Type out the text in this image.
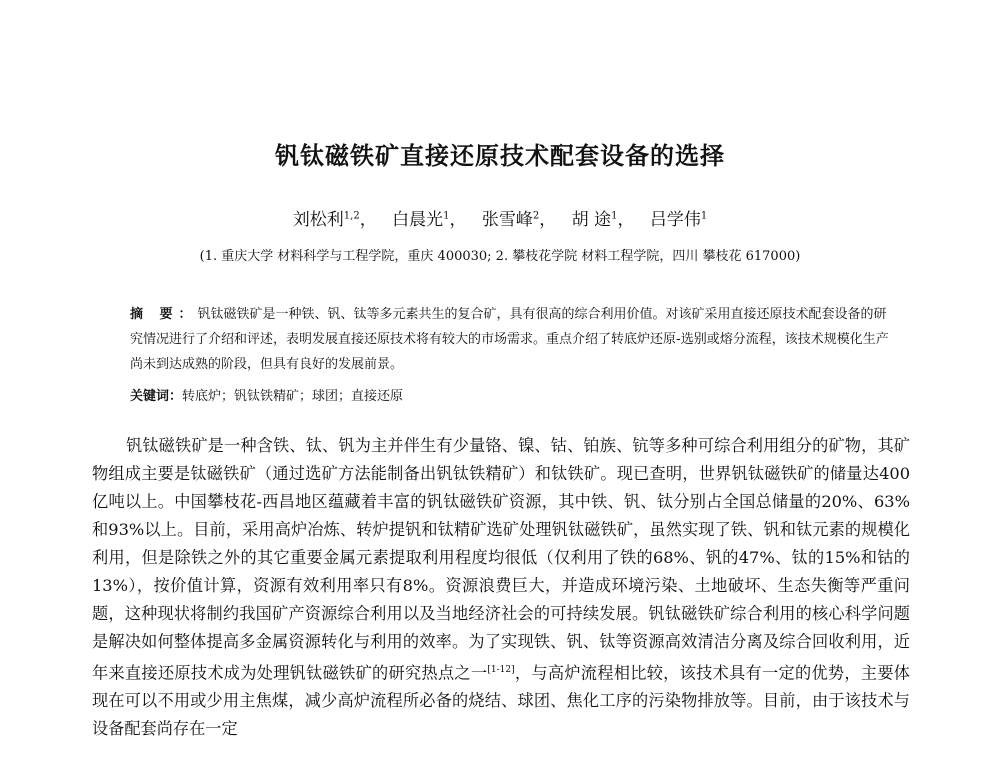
钒钛磁铁矿直接还原技术配套设备的选择
刘松利$^{1,2}$， 白晨光$^1$， 张雪峰$^2$， 胡 途$^1$， 吕学伟$^1$
(1. 重庆大学 材料科学与工程学院，重庆 400030; 2. 攀枝花学院 材料工程学院，四川 攀枝花 617000)
摘 要：钒钛磁铁矿是一种铁、钒、钛等多元素共生的复合矿，具有很高的综合利用价值。对该矿采用直接还原技术配套设备的研究情况进行了介绍和评述，表明发展直接还原技术将有较大的市场需求。重点介绍了转底炉还原-选别或熔分流程，该技术规模化生产尚未到达成熟的阶段，但具有良好的发展前景。
关键词：转底炉；钒钛铁精矿；球团；直接还原

钒钛磁铁矿是一种含铁、钛、钒为主并伴生有少量铬、镍、钴、铂族、钪等多种可综合利用组分的矿物，其矿物组成主要是钛磁铁矿（通过选矿方法能制备出钒钛铁精矿）和钛铁矿。现已查明，世界钒钛磁铁矿的储量达400亿吨以上。中国攀枝花-西昌地区蕴藏着丰富的钒钛磁铁矿资源，其中铁、钒、钛分别占全国总储量的20%、63%和93%以上。目前，采用高炉冶炼、转炉提钒和钛精矿选矿处理钒钛磁铁矿，虽然实现了铁、钒和钛元素的规模化利用，但是除铁之外的其它重要金属元素提取利用程度均很低（仅利用了铁的68%、钒的47%、钛的15%和钴的13%），按价值计算，资源有效利用率只有8%。资源浪费巨大，并造成环境污染、土地破坏、生态失衡等严重问题，这种现状将制约我国矿产资源综合利用以及当地经济社会的可持续发展。钒钛磁铁矿综合利用的核心科学问题是解决如何整体提高多金属资源转化与利用的效率。为了实现铁、钒、钛等资源高效清洁分离及综合回收利用，近年来直接还原技术成为处理钒钛磁铁矿的研究热点之一[1-12]，与高炉流程相比较，该技术具有一定的优势，主要体现在可以不用或少用主焦煤，减少高炉流程所必备的烧结、球团、焦化工序的污染物排放等。目前，由于该技术与设备配套尚存在一定
